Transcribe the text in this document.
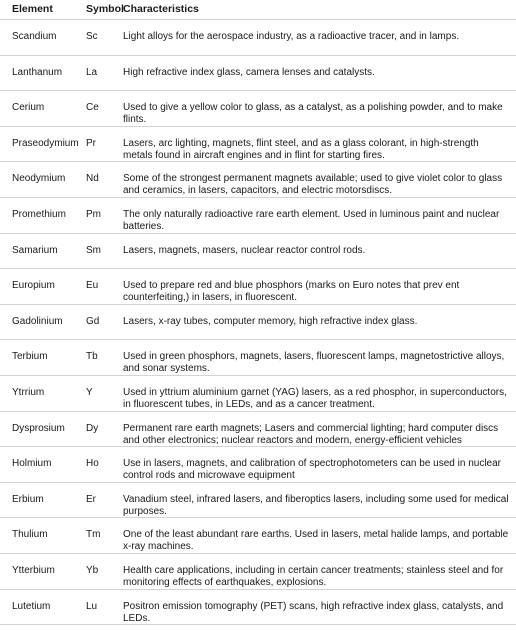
Element	Symbol Characteristics
Scandium	Sc	Light alloys for the aerospace industry, as a radioactive tracer, and in lamps.
Lanthanum	La	High refractive index glass, camera lenses and catalysts.
Cerium	Ce	Used to give a yellow color to glass, as a catalyst, as a polishing powder, and to make flints.
Praseodymium Pr	Lasers, arc lighting, magnets, flint steel, and as a glass colorant, in high-strength metals found in aircraft engines and in flint for starting fires.
Neodymium	Nd	Some of the strongest permanent magnets available; used to give violet color to glass and ceramics, in lasers, capacitors, and electric motorsdiscs.
Promethium	Pm	The only naturally radioactive rare earth element. Used in luminous paint and nuclear batteries.
Samarium	Sm	Lasers, magnets, masers, nuclear reactor control rods.
Europium	Eu	Used to prepare red and blue phosphors (marks on Euro notes that prev ent counterfeiting,) in lasers, in fluorescent.
Gadolinium	Gd	Lasers, x-ray tubes, computer memory, high refractive index glass.
Terbium	Tb	Used in green phosphors, magnets, lasers, fluorescent lamps, magnetostrictive alloys, and sonar systems.
Ytrrium	Y	Used in yttrium aluminium garnet (YAG) lasers, as a red phosphor, in superconductors, in fluorescent tubes, in LEDs, and as a cancer treatment.
Dysprosium	Dy	Permanent rare earth magnets; Lasers and commercial lighting; hard computer discs and other electronics; nuclear reactors and modern, energy-efficient vehicles
Holmium	Ho	Use in lasers, magnets, and calibration of spectrophotometers can be used in nuclear control rods and microwave equipment
Erbium	Er	Vanadium steel, infrared lasers, and fiberoptics lasers, including some used for medical purposes.
Thulium	Tm	One of the least abundant rare earths. Used in lasers, metal halide lamps, and portable x-ray machines.
Ytterbium	Yb	Health care applications, including in certain cancer treatments; stainless steel and for monitoring effects of earthquakes, explosions.
Lutetium	Lu	Positron emission tomography (PET) scans, high refractive index glass, catalysts, and LEDs.
